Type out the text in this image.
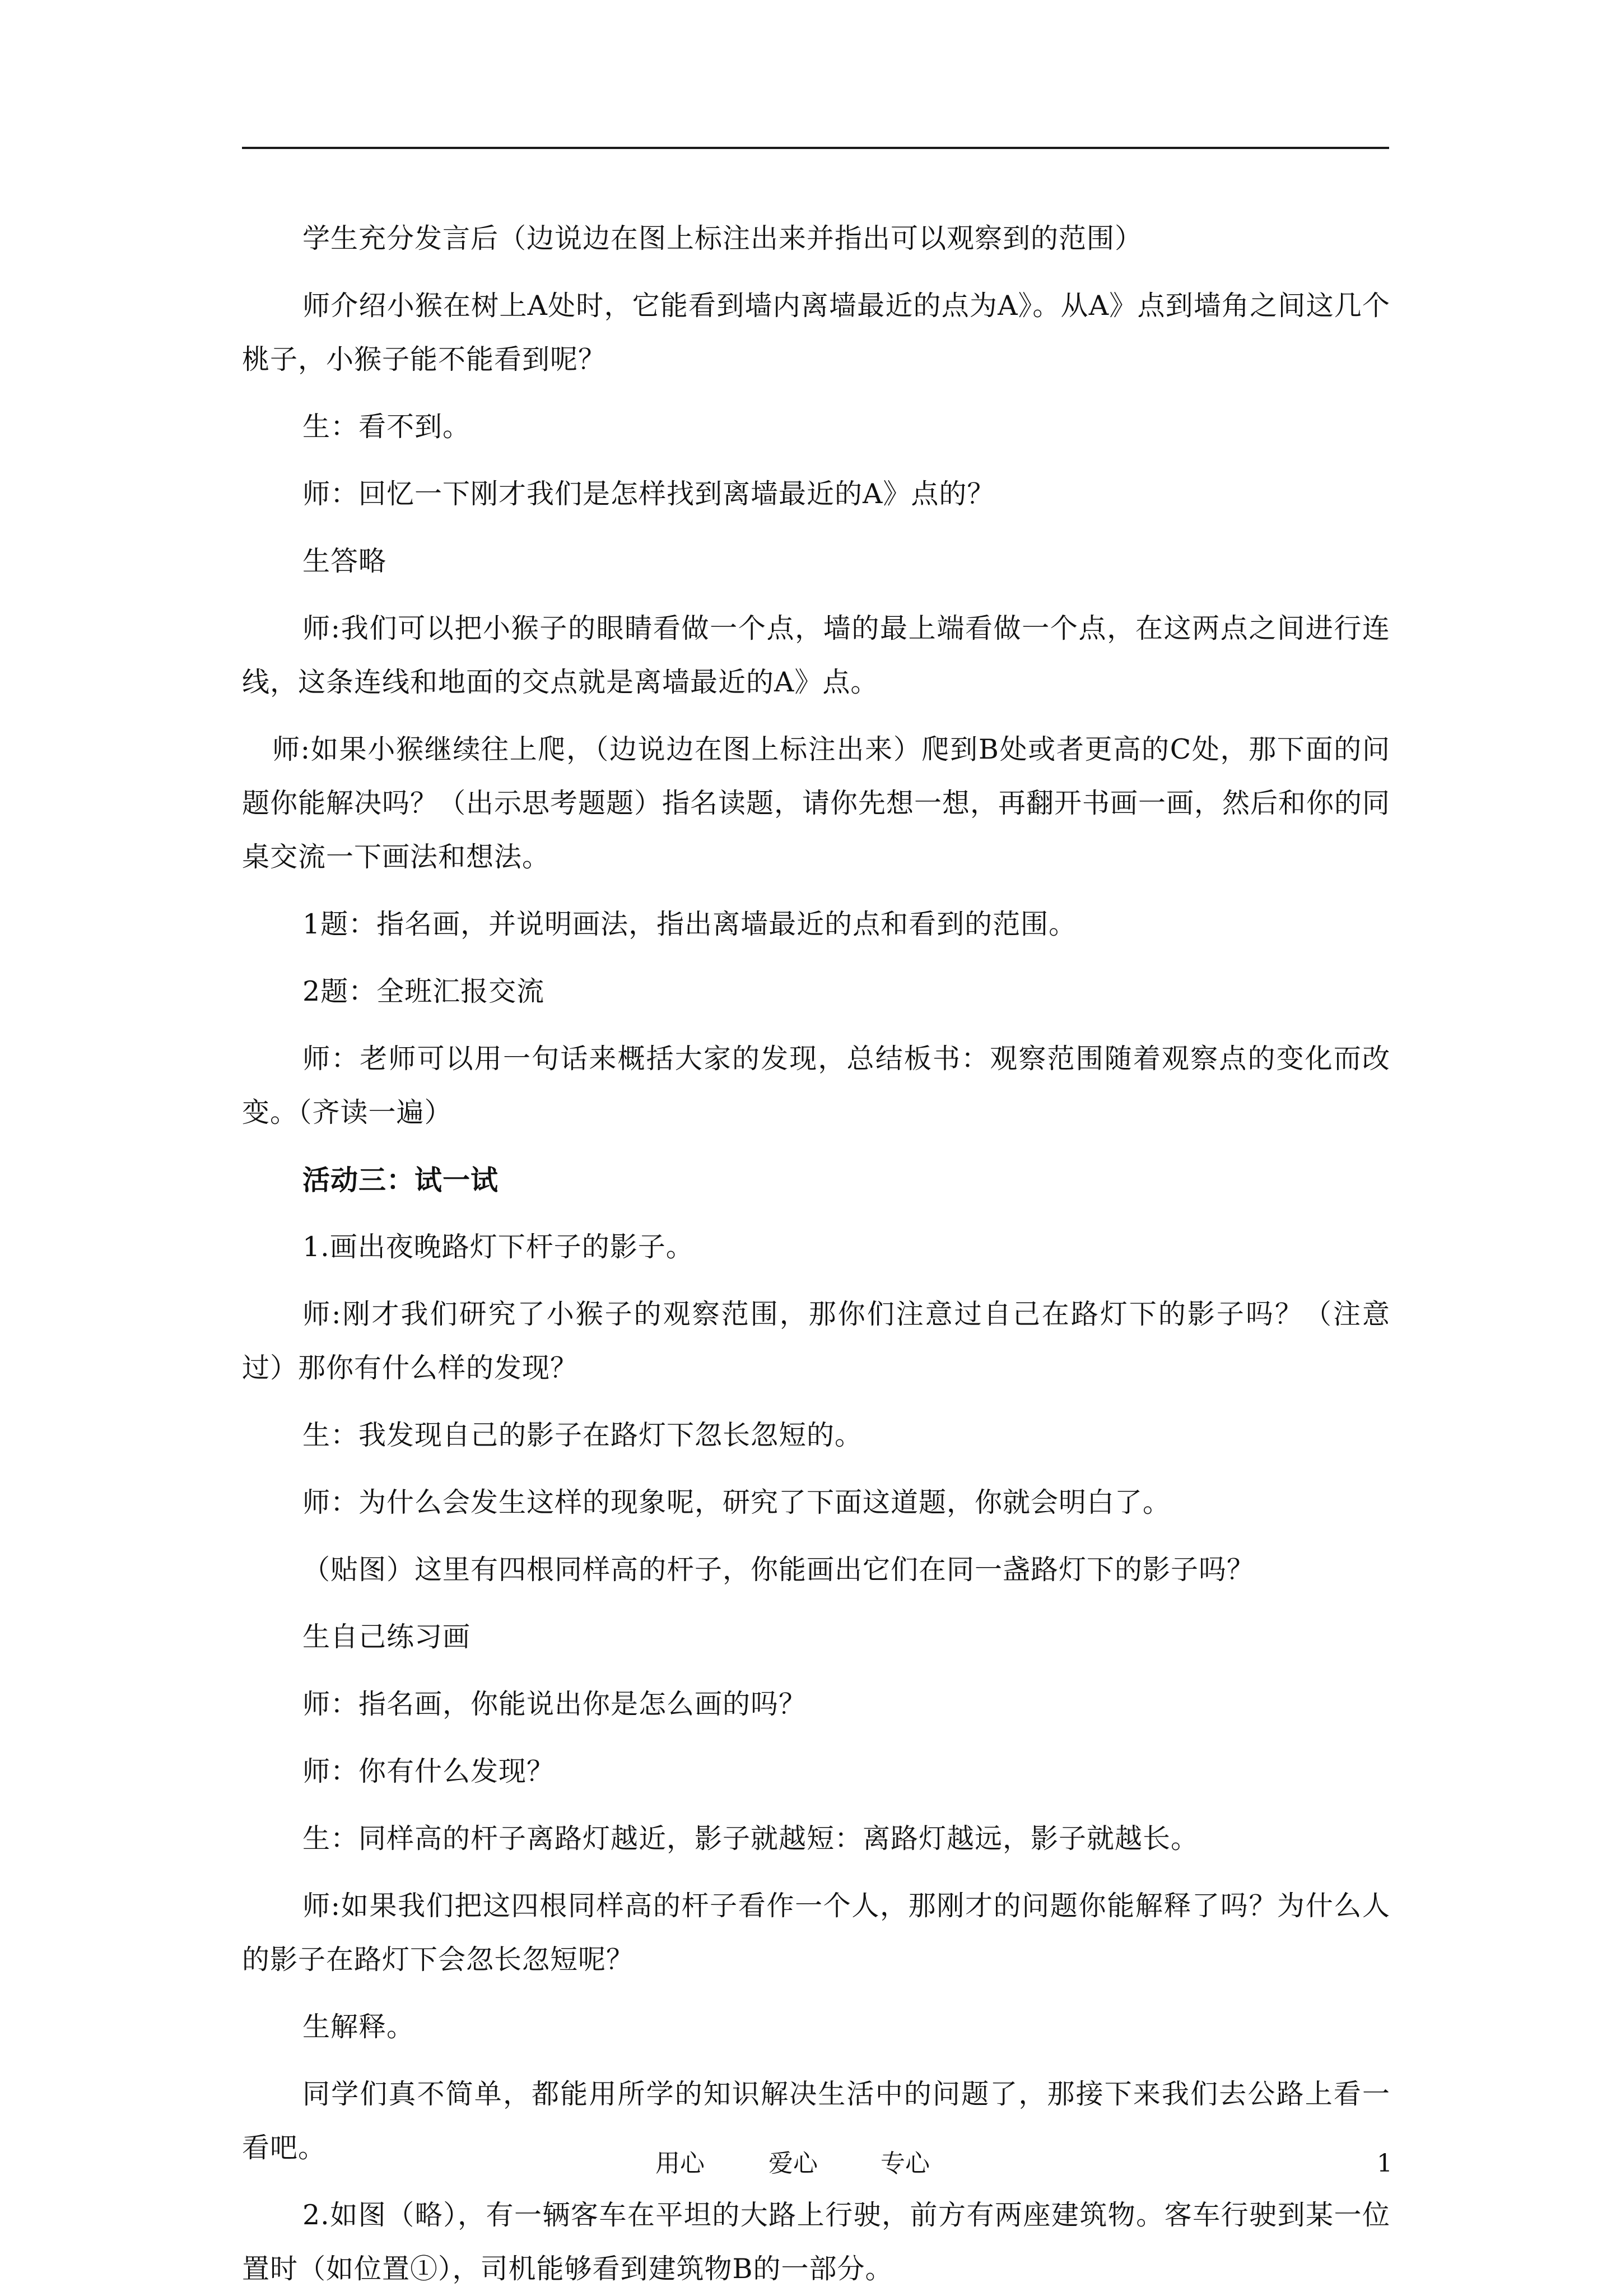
学生充分发言后（边说边在图上标注出来并指出可以观察到的范围）

师介绍小猴在树上A处时，它能看到墙内离墙最近的点为A》。从A》点到墙角之间这几个桃子，小猴子能不能看到呢？

生：看不到。

师：回忆一下刚才我们是怎样找到离墙最近的A》点的？

生答略

师:我们可以把小猴子的眼睛看做一个点，墙的最上端看做一个点，在这两点之间进行连线，这条连线和地面的交点就是离墙最近的A》点。

师:如果小猴继续往上爬，（边说边在图上标注出来）爬到B处或者更高的C处，那下面的问题你能解决吗？（出示思考题题）指名读题，请你先想一想，再翻开书画一画，然后和你的同桌交流一下画法和想法。

1题：指名画，并说明画法，指出离墙最近的点和看到的范围。

2题：全班汇报交流

师：老师可以用一句话来概括大家的发现，总结板书：观察范围随着观察点的变化而改变。（齐读一遍）

活动三：试一试

1.画出夜晚路灯下杆子的影子。

师:刚才我们研究了小猴子的观察范围，那你们注意过自己在路灯下的影子吗？（注意过）那你有什么样的发现？

生：我发现自己的影子在路灯下忽长忽短的。

师：为什么会发生这样的现象呢，研究了下面这道题，你就会明白了。

（贴图）这里有四根同样高的杆子，你能画出它们在同一盏路灯下的影子吗？

生自己练习画

师：指名画，你能说出你是怎么画的吗？

师：你有什么发现？

生：同样高的杆子离路灯越近，影子就越短：离路灯越远，影子就越长。

师:如果我们把这四根同样高的杆子看作一个人，那刚才的问题你能解释了吗？为什么人的影子在路灯下会忽长忽短呢？

生解释。

同学们真不简单，都能用所学的知识解决生活中的问题了，那接下来我们去公路上看一看吧。

2.如图（略），有一辆客车在平坦的大路上行驶，前方有两座建筑物。客车行驶到某一位置时（如位置①），司机能够看到建筑物B的一部分。

用心	爱心	专心	1
